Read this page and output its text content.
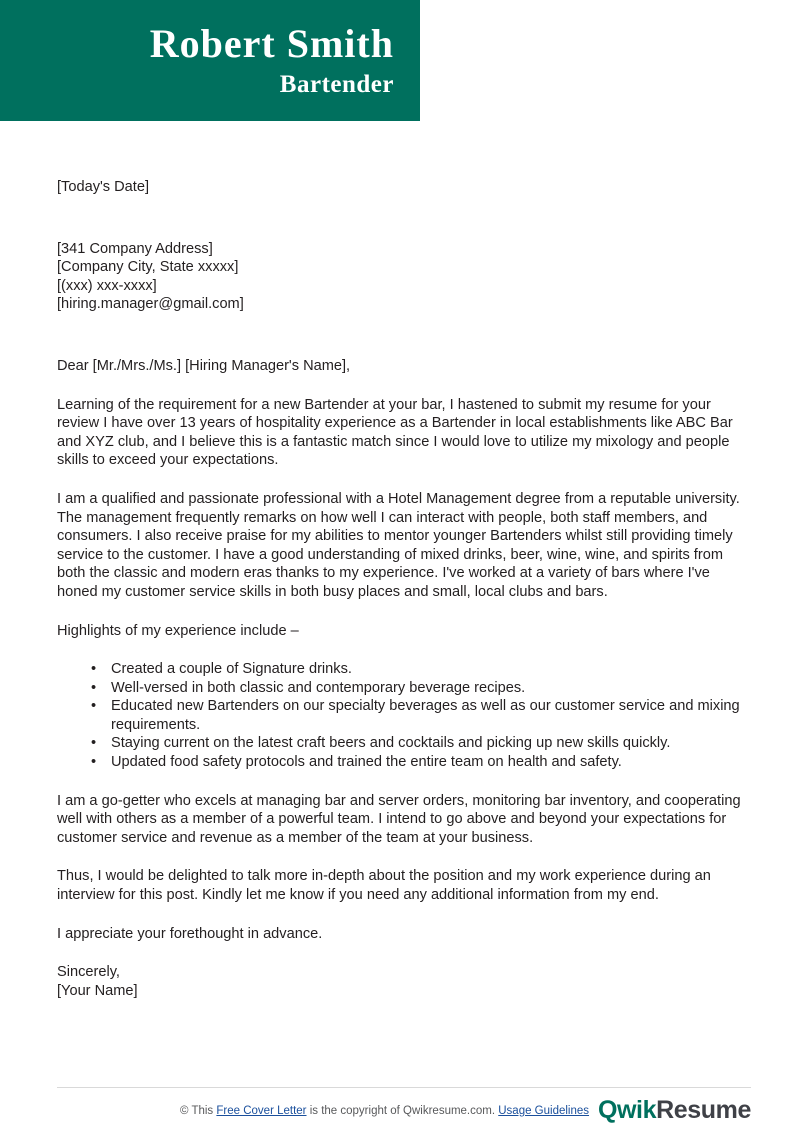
Robert Smith
Bartender

[Today's Date]

[341 Company Address]

[Company City, State xxxxx]

[(xxx) xxx-xxxx]

[hiring.manager@gmail.com]

Dear [Mr./Mrs./Ms.] [Hiring Manager's Name],

Learning of the requirement for a new Bartender at your bar, I hastened to submit my resume for your review I have over 13 years of hospitality experience as a Bartender in local establishments like ABC Bar and XYZ club, and I believe this is a fantastic match since I would love to utilize my mixology and people skills to exceed your expectations.

I am a qualified and passionate professional with a Hotel Management degree from a reputable university. The management frequently remarks on how well I can interact with people, both staff members, and consumers. I also receive praise for my abilities to mentor younger Bartenders whilst still providing timely service to the customer. I have a good understanding of mixed drinks, beer, wine, wine, and spirits from both the classic and modern eras thanks to my experience. I've worked at a variety of bars where I've honed my customer service skills in both busy places and small, local clubs and bars.

Highlights of my experience include –

• Created a couple of Signature drinks.
• Well-versed in both classic and contemporary beverage recipes.
• Educated new Bartenders on our specialty beverages as well as our customer service and mixing requirements.
• Staying current on the latest craft beers and cocktails and picking up new skills quickly.
• Updated food safety protocols and trained the entire team on health and safety.

I am a go-getter who excels at managing bar and server orders, monitoring bar inventory, and cooperating well with others as a member of a powerful team. I intend to go above and beyond your expectations for customer service and revenue as a member of the team at your business.

Thus, I would be delighted to talk more in-depth about the position and my work experience during an interview for this post. Kindly let me know if you need any additional information from my end.

I appreciate your forethought in advance.

Sincerely,

[Your Name]

© This Free Cover Letter is the copyright of Qwikresume.com. Usage Guidelines QwikResume
